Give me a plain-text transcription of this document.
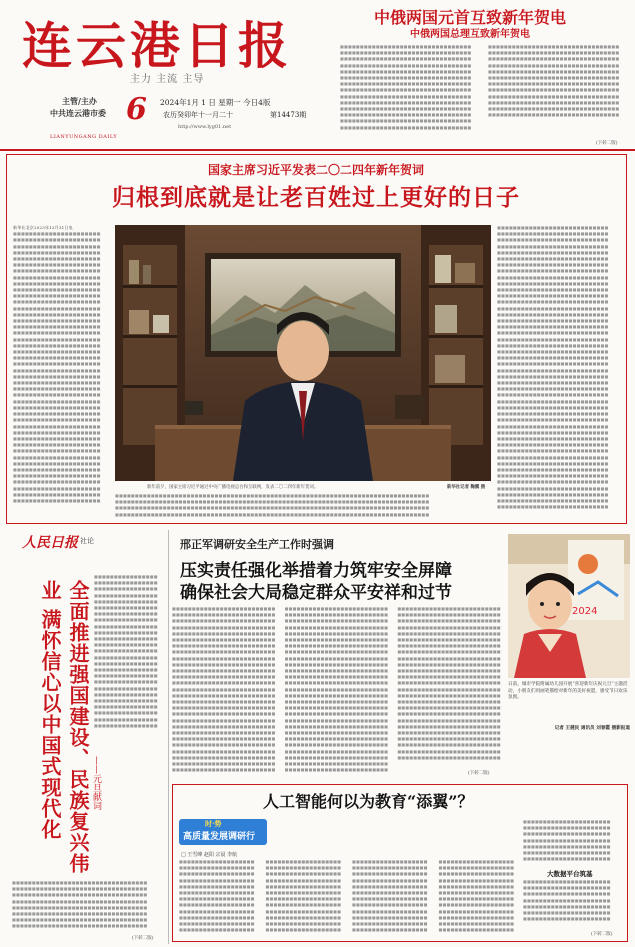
连云港日报
主力 主流 主导
主管/主办
中共连云港市委
LIANYUNGANG DAILY
6 2024年1月 1 日 星期一 今日4版
农历癸卯年十一月二十	第14473期
http://www.lyg01.net
中俄两国元首互致新年贺电
中俄两国总理互致新年贺电
■■■■■■■■■■■■■■■■■■■■■■■■■■■■■■■■■
■■■■■■■■■■■■■■■■■■■■■■■■■■■■■■■■■
■■■■■■■■■■■■■■■■■■■■■■■■■■■■■■■■■
■■■■■■■■■■■■■■■■■■■■■■■■■■■■■■■■■
■■■■■■■■■■■■■■■■■■■■■■■■■■■■■■■■■
■■■■■■■■■■■■■■■■■■■■■■■■■■■■■■■■■
■■■■■■■■■■■■■■■■■■■■■■■■■■■■■■■■■
■■■■■■■■■■■■■■■■■■■■■■■■■■■■■■■■■
■■■■■■■■■■■■■■■■■■■■■■■■■■■■■■■■■
■■■■■■■■■■■■■■■■■■■■■■■■■■■■■■■■■
■■■■■■■■■■■■■■■■■■■■■■■■■■■■■■■■■
■■■■■■■■■■■■■■■■■■■■■■■■■■■■■■■■■
■■■■■■■■■■■■■■■■■■■■■■■■■■■■■■■■■
■■■■■■■■■■■■■■■■■■■■■■■■■■■■■■■■■
■■■■■■■■■■■■■■■■■■■■■■■■■■■■■■■■■
■■■■■■■■■■■■■■■■■■■■■■■■■■■■■■■■■
■■■■■■■■■■■■■■■■■■■■■■■■■■■■■■■■■
■■■■■■■■■■■■■■■■■■■■■■■■■■■■■■■■■
■■■■■■■■■■■■■■■■■■■■■■■■■■■■■■■■■
■■■■■■■■■■■■■■■■■■■■■■■■■■■■■■■■■
■■■■■■■■■■■■■■■■■■■■■■■■■■■■■■■■■
■■■■■■■■■■■■■■■■■■■■■■■■■■■■■■■■■
■■■■■■■■■■■■■■■■■■■■■■■■■■■■■■■■■
■■■■■■■■■■■■■■■■■■■■■■■■■■■■■■■■■
■■■■■■■■■■■■■■■■■■■■■■■■■■■■■■■■■
■■■■■■■■■■■■■■■■■■■■■■■■■■■■■■■■■
(下转二版)
国家主席习近平发表二〇二四年新年贺词
归根到底就是让老百姓过上更好的日子
新华社北京2023年12月31日电
■■■■■■■■■■■■■■■■■■■■■■
■■■■■■■■■■■■■■■■■■■■■■
■■■■■■■■■■■■■■■■■■■■■■
■■■■■■■■■■■■■■■■■■■■■■
■■■■■■■■■■■■■■■■■■■■■■
■■■■■■■■■■■■■■■■■■■■■■
■■■■■■■■■■■■■■■■■■■■■■
■■■■■■■■■■■■■■■■■■■■■■
■■■■■■■■■■■■■■■■■■■■■■
■■■■■■■■■■■■■■■■■■■■■■
■■■■■■■■■■■■■■■■■■■■■■
■■■■■■■■■■■■■■■■■■■■■■
■■■■■■■■■■■■■■■■■■■■■■
■■■■■■■■■■■■■■■■■■■■■■
■■■■■■■■■■■■■■■■■■■■■■
■■■■■■■■■■■■■■■■■■■■■■
■■■■■■■■■■■■■■■■■■■■■■
■■■■■■■■■■■■■■■■■■■■■■
■■■■■■■■■■■■■■■■■■■■■■
■■■■■■■■■■■■■■■■■■■■■■
■■■■■■■■■■■■■■■■■■■■■■
■■■■■■■■■■■■■■■■■■■■■■
■■■■■■■■■■■■■■■■■■■■■■
■■■■■■■■■■■■■■■■■■■■■■
■■■■■■■■■■■■■■■■■■■■■■
■■■■■■■■■■■■■■■■■■■■■■
■■■■■■■■■■■■■■■■■■■■■■
■■■■■■■■■■■■■■■■■■■■■■
■■■■■■■■■■■■■■■■■■■■■■
■■■■■■■■■■■■■■■■■■■■■■
■■■■■■■■■■■■■■■■■■■■■■
■■■■■■■■■■■■■■■■■■■■■■
■■■■■■■■■■■■■■■■■■■■■■
■■■■■■■■■■■■■■■■■■■■■■
■■■■■■■■■■■■■■■■■■■■■■
■■■■■■■■■■■■■■■■■■■■■■
■■■■■■■■■■■■■■■■■■■■■■
■■■■■■■■■■■■■■■■■■■■■■
■■■■■■■■■■■■■■■■■■■■■■
■■■■■■■■■■■■■■■■■■■■■■
■■■■■■■■■■■■■■■■■■■■■■
■■■■■■■■■■■■■■■■■■■■■■
■■■■■■■■■■■■■■■■■■■■■■
■■■■■■■■■■■■■■■■■■■■■■
新年前夕，国家主席习近平通过中央广播电视总台和互联网，发表二〇二四年新年贺词。	新华社记者 鞠鹏 摄
■■■■■■■■■■■■■■■■■■■■■■■■■■■■■■■■■■■■■■■■■■■■■■■■■■■■■■■■■■■■■■■■■■■■■■■■■■■■■■■
■■■■■■■■■■■■■■■■■■■■■■■■■■■■■■■■■■■■■■■■■■■■■■■■■■■■■■■■■■■■■■■■■■■■■■■■■■■■■■■
■■■■■■■■■■■■■■■■■■■■■■■■■■■■■■■■■■■■■■■■■■■■■■■■■■■■■■■■■■■■■■■■■■■■■■■■■■■■■■■
■■■■■■■■■■■■■■■■■■■■■■■■■■■■■■■■■■■■■■■■■■■■■■■■■■■■■■■■■■■■■■■■■■■■■■■■■■■■■■■
■■■■■■■■■■■■■■■■■■■■■■■■■■■■
■■■■■■■■■■■■■■■■■■■■■■■■■■■■
■■■■■■■■■■■■■■■■■■■■■■■■■■■■
■■■■■■■■■■■■■■■■■■■■■■■■■■■■
■■■■■■■■■■■■■■■■■■■■■■■■■■■■
■■■■■■■■■■■■■■■■■■■■■■■■■■■■
■■■■■■■■■■■■■■■■■■■■■■■■■■■■
■■■■■■■■■■■■■■■■■■■■■■■■■■■■
■■■■■■■■■■■■■■■■■■■■■■■■■■■■
■■■■■■■■■■■■■■■■■■■■■■■■■■■■
■■■■■■■■■■■■■■■■■■■■■■■■■■■■
■■■■■■■■■■■■■■■■■■■■■■■■■■■■
■■■■■■■■■■■■■■■■■■■■■■■■■■■■
■■■■■■■■■■■■■■■■■■■■■■■■■■■■
■■■■■■■■■■■■■■■■■■■■■■■■■■■■
■■■■■■■■■■■■■■■■■■■■■■■■■■■■
■■■■■■■■■■■■■■■■■■■■■■■■■■■■
■■■■■■■■■■■■■■■■■■■■■■■■■■■■
■■■■■■■■■■■■■■■■■■■■■■■■■■■■
■■■■■■■■■■■■■■■■■■■■■■■■■■■■
■■■■■■■■■■■■■■■■■■■■■■■■■■■■
■■■■■■■■■■■■■■■■■■■■■■■■■■■■
■■■■■■■■■■■■■■■■■■■■■■■■■■■■
■■■■■■■■■■■■■■■■■■■■■■■■■■■■
■■■■■■■■■■■■■■■■■■■■■■■■■■■■
■■■■■■■■■■■■■■■■■■■■■■■■■■■■
■■■■■■■■■■■■■■■■■■■■■■■■■■■■
■■■■■■■■■■■■■■■■■■■■■■■■■■■■
■■■■■■■■■■■■■■■■■■■■■■■■■■■■
■■■■■■■■■■■■■■■■■■■■■■■■■■■■
■■■■■■■■■■■■■■■■■■■■■■■■■■■■
■■■■■■■■■■■■■■■■■■■■■■■■■■■■
■■■■■■■■■■■■■■■■■■■■■■■■■■■■
■■■■■■■■■■■■■■■■■■■■■■■■■■■■
■■■■■■■■■■■■■■■■■■■■■■■■■■■■
■■■■■■■■■■■■■■■■■■■■■■■■■■■■
■■■■■■■■■■■■■■■■■■■■■■■■■■■■
■■■■■■■■■■■■■■■■■■■■■■■■■■■■
■■■■■■■■■■■■■■■■■■■■■■■■■■■■
■■■■■■■■■■■■■■■■■■■■■■■■■■■■
■■■■■■■■■■■■■■■■■■■■■■■■■■■■
■■■■■■■■■■■■■■■■■■■■■■■■■■■■
■■■■■■■■■■■■■■■■■■■■■■■■■■■■
■■■■■■■■■■■■■■■■■■■■■■■■■■■■
■■■■■■■■■■■■■■■■■■■■■■■■■■■■
■■■■■■■■■■■■■■■■■■■■■■■■■■■■
人民日报 社论
全面推进强国建设、民族复兴伟业 满怀信心以中国式现代化	——元旦献词
■■■■■■■■■■■■■■■■
■■■■■■■■■■■■■■■■
■■■■■■■■■■■■■■■■
■■■■■■■■■■■■■■■■
■■■■■■■■■■■■■■■■
■■■■■■■■■■■■■■■■
■■■■■■■■■■■■■■■■
■■■■■■■■■■■■■■■■
■■■■■■■■■■■■■■■■
■■■■■■■■■■■■■■■■
■■■■■■■■■■■■■■■■
■■■■■■■■■■■■■■■■
■■■■■■■■■■■■■■■■
■■■■■■■■■■■■■■■■
■■■■■■■■■■■■■■■■
■■■■■■■■■■■■■■■■
■■■■■■■■■■■■■■■■
■■■■■■■■■■■■■■■■
■■■■■■■■■■■■■■■■
■■■■■■■■■■■■■■■■
■■■■■■■■■■■■■■■■
■■■■■■■■■■■■■■■■
■■■■■■■■■■■■■■■■
■■■■■■■■■■■■■■■■
■■■■■■■■■■■■■■■■
■■■■■■■■■■■■■■■■■■■■■■■■■■■■■■■■■■
■■■■■■■■■■■■■■■■■■■■■■■■■■■■■■■■■■
■■■■■■■■■■■■■■■■■■■■■■■■■■■■■■■■■■
■■■■■■■■■■■■■■■■■■■■■■■■■■■■■■■■■■
■■■■■■■■■■■■■■■■■■■■■■■■■■■■■■■■■■
■■■■■■■■■■■■■■■■■■■■■■■■■■■■■■■■■■
■■■■■■■■■■■■■■■■■■■■■■■■■■■■■■■■■■
■■■■■■■■■■■■■■■■■■■■■■■■■■■■■■■■■■
(下转二版)
邢正军调研安全生产工作时强调
压实责任强化举措着力筑牢安全屏障
确保社会大局稳定群众平安祥和过节
■■■■■■■■■■■■■■■■■■■■■■■■■■
■■■■■■■■■■■■■■■■■■■■■■■■■■
■■■■■■■■■■■■■■■■■■■■■■■■■■
■■■■■■■■■■■■■■■■■■■■■■■■■■
■■■■■■■■■■■■■■■■■■■■■■■■■■
■■■■■■■■■■■■■■■■■■■■■■■■■■
■■■■■■■■■■■■■■■■■■■■■■■■■■
■■■■■■■■■■■■■■■■■■■■■■■■■■
■■■■■■■■■■■■■■■■■■■■■■■■■■
■■■■■■■■■■■■■■■■■■■■■■■■■■
■■■■■■■■■■■■■■■■■■■■■■■■■■
■■■■■■■■■■■■■■■■■■■■■■■■■■
■■■■■■■■■■■■■■■■■■■■■■■■■■
■■■■■■■■■■■■■■■■■■■■■■■■■■
■■■■■■■■■■■■■■■■■■■■■■■■■■
■■■■■■■■■■■■■■■■■■■■■■■■■■
■■■■■■■■■■■■■■■■■■■■■■■■■■
■■■■■■■■■■■■■■■■■■■■■■■■■■
■■■■■■■■■■■■■■■■■■■■■■■■■■
■■■■■■■■■■■■■■■■■■■■■■■■■■
■■■■■■■■■■■■■■■■■■■■■■■■■■
■■■■■■■■■■■■■■■■■■■■■■■■■■
■■■■■■■■■■■■■■■■■■■■■■■■■■
■■■■■■■■■■■■■■■■■■■■■■■■■■
■■■■■■■■■■■■■■■■■■■■■■■■■■
■■■■■■■■■■■■■■■■■■■■■■■■■■
■■■■■■■■■■■■■■■■■■■■■■■■■■
■■■■■■■■■■■■■■■■■■■■■■■■■■
■■■■■■■■■■■■■■■■■■■■■■■■■■
■■■■■■■■■■■■■■■■■■■■■■■■■■
■■■■■■■■■■■■■■■■■■■■■■■■■■
■■■■■■■■■■■■■■■■■■■■■■■■■■
■■■■■■■■■■■■■■■■■■■■■■■■■■
■■■■■■■■■■■■■■■■■■■■■■■■■■
■■■■■■■■■■■■■■■■■■■■■■■■■■
■■■■■■■■■■■■■■■■■■■■■■■■■■
■■■■■■■■■■■■■■■■■■■■■■■■■■
■■■■■■■■■■■■■■■■■■■■■■■■■■
■■■■■■■■■■■■■■■■■■■■■■■■■■
■■■■■■■■■■■■■■■■■■■■■■■■■■
■■■■■■■■■■■■■■■■■■■■■■■■■■
■■■■■■■■■■■■■■■■■■■■■■■■■■
■■■■■■■■■■■■■■■■■■■■■■■■■■
■■■■■■■■■■■■■■■■■■■■■■■■■■
■■■■■■■■■■■■■■■■■■■■■■■■■■
■■■■■■■■■■■■■■■■■■■■■■■■■■
■■■■■■■■■■■■■■■■■■■■■■■■■■
■■■■■■■■■■■■■■■■■■■■■■■■■■
■■■■■■■■■■■■■■■■■■■■■■■■■■
■■■■■■■■■■■■■■■■■■■■■■■■■■
■■■■■■■■■■■■■■■■■■■■■■■■■■
■■■■■■■■■■■■■■■■■■■■■■■■■■
■■■■■■■■■■■■■■■■■■■■■■■■■■
■■■■■■■■■■■■■■■■■■■■■■■■■■
■■■■■■■■■■■■■■■■■■■■■■■■■■
■■■■■■■■■■■■■■■■■■■■■■■■■■
■■■■■■■■■■■■■■■■■■■■■■■■■■
■■■■■■■■■■■■■■■■■■■■■■■■■■
■■■■■■■■■■■■■■■■■■■■■■■■■■
■■■■■■■■■■■■■■■■■■■■■■■■■■
■■■■■■■■■■■■■■■■■■■■■■■■■■
■■■■■■■■■■■■■■■■■■■■■■■■■■
■■■■■■■■■■■■■■■■■■■■■■■■■■
■■■■■■■■■■■■■■■■■■■■■■■■■■
■■■■■■■■■■■■■■■■■■■■■■■■■■
■■■■■■■■■■■■■■■■■■■■■■■■■■
■■■■■■■■■■■■■■■■■■■■■■■■■■
■■■■■■■■■■■■■■■■■■■■■■■■■■
■■■■■■■■■■■■■■■■■■■■■■■■■■
■■■■■■■■■■■■■■■■■■■■■■■■■■
■■■■■■■■■■■■■■■■■■■■■■■■■■
■■■■■■■■■■■■■■■■■■■■■■■■■■
■■■■■■■■■■■■■■■■■■■■■■■■■■
■■■■■■■■■■■■■■■■■■■■■■■■■■
■■■■■■■■■■■■■■■■■■■■■■■■■■
■■■■■■■■■■■■■■■■■■■■■■■■■■
■■■■■■■■■■■■■■■■■■■■■■■■■■
■■■■■■■■■■■■■■■■■■■■■■■■■■
■■■■■■■■■■■■■■■■■■■■■■■■■■
(下转二版)
2024
日前，城市学院附属幼儿园开展“喜迎新年庆祝元旦”主题活动，小朋友们用画笔描绘对新年的美好祝愿，感受节日欢乐氛围。
记者 王健民 通讯员 刘春霞 摄影报道
人工智能何以为教育“添翼”？
时·势
高质量发展调研行
□ 王雪峰 赵阳 宗晨 李航
■■■■■■■■■■■■■■■■■■■
■■■■■■■■■■■■■■■■■■■
■■■■■■■■■■■■■■■■■■■
■■■■■■■■■■■■■■■■■■■
■■■■■■■■■■■■■■■■■■■
■■■■■■■■■■■■■■■■■■■
■■■■■■■■■■■■■■■■■■■
■■■■■■■■■■■■■■■■■■■
■■■■■■■■■■■■■■■■■■■
■■■■■■■■■■■■■■■■■■■
■■■■■■■■■■■■■■■■■■■
■■■■■■■■■■■■■■■■■■■
■■■■■■■■■■■■■■■■■■■
■■■■■■■■■■■■■■■■■■■
■■■■■■■■■■■■■■■■■■■
■■■■■■■■■■■■■■■■■■■
■■■■■■■■■■■■■■■■■■■
■■■■■■■■■■■■■■■■■■■
■■■■■■■■■■■■■■■■■■■
■■■■■■■■■■■■■■■■■■■
■■■■■■■■■■■■■■■■■■■
■■■■■■■■■■■■■■■■■■■
■■■■■■■■■■■■■■■■■■■
■■■■■■■■■■■■■■■■■■■
■■■■■■■■■■■■■■■■■■■
■■■■■■■■■■■■■■■■■■■
■■■■■■■■■■■■■■■■■■■
■■■■■■■■■■■■■■■■■■■
■■■■■■■■■■■■■■■■■■■
■■■■■■■■■■■■■■■■■■■
■■■■■■■■■■■■■■■■■■■
■■■■■■■■■■■■■■■■■■■
■■■■■■■■■■■■■■■■■■■
■■■■■■■■■■■■■■■■■■■
■■■■■■■■■■■■■■■■■■■
■■■■■■■■■■■■■■■■■■■
■■■■■■■■■■■■■■■■■■■
■■■■■■■■■■■■■■■■■■■
■■■■■■■■■■■■■■■■■■■
■■■■■■■■■■■■■■■■■■■
■■■■■■■■■■■■■■■■■■■
■■■■■■■■■■■■■■■■■■■
■■■■■■■■■■■■■■■■■■■
■■■■■■■■■■■■■■■■■■■
■■■■■■■■■■■■■■■■■■■
■■■■■■■■■■■■■■■■■■■
■■■■■■■■■■■■■■■■■■■
■■■■■■■■■■■■■■■■■■■
■■■■■■■■■■■■■■■■■■■■■■
■■■■■■■■■■■■■■■■■■■■■■
■■■■■■■■■■■■■■■■■■■■■■
■■■■■■■■■■■■■■■■■■■■■■
■■■■■■■■■■■■■■■■■■■■■■
■■■■■■■■■■■■■■■■■■■■■■
■■■■■■■■■■■■■■■■■■■■■■
大数据平台筑基
■■■■■■■■■■■■■■■■■■■■■■
■■■■■■■■■■■■■■■■■■■■■■
■■■■■■■■■■■■■■■■■■■■■■
■■■■■■■■■■■■■■■■■■■■■■
■■■■■■■■■■■■■■■■■■■■■■
■■■■■■■■■■■■■■■■■■■■■■
■■■■■■■■■■■■■■■■■■■■■■
(下转二版)
